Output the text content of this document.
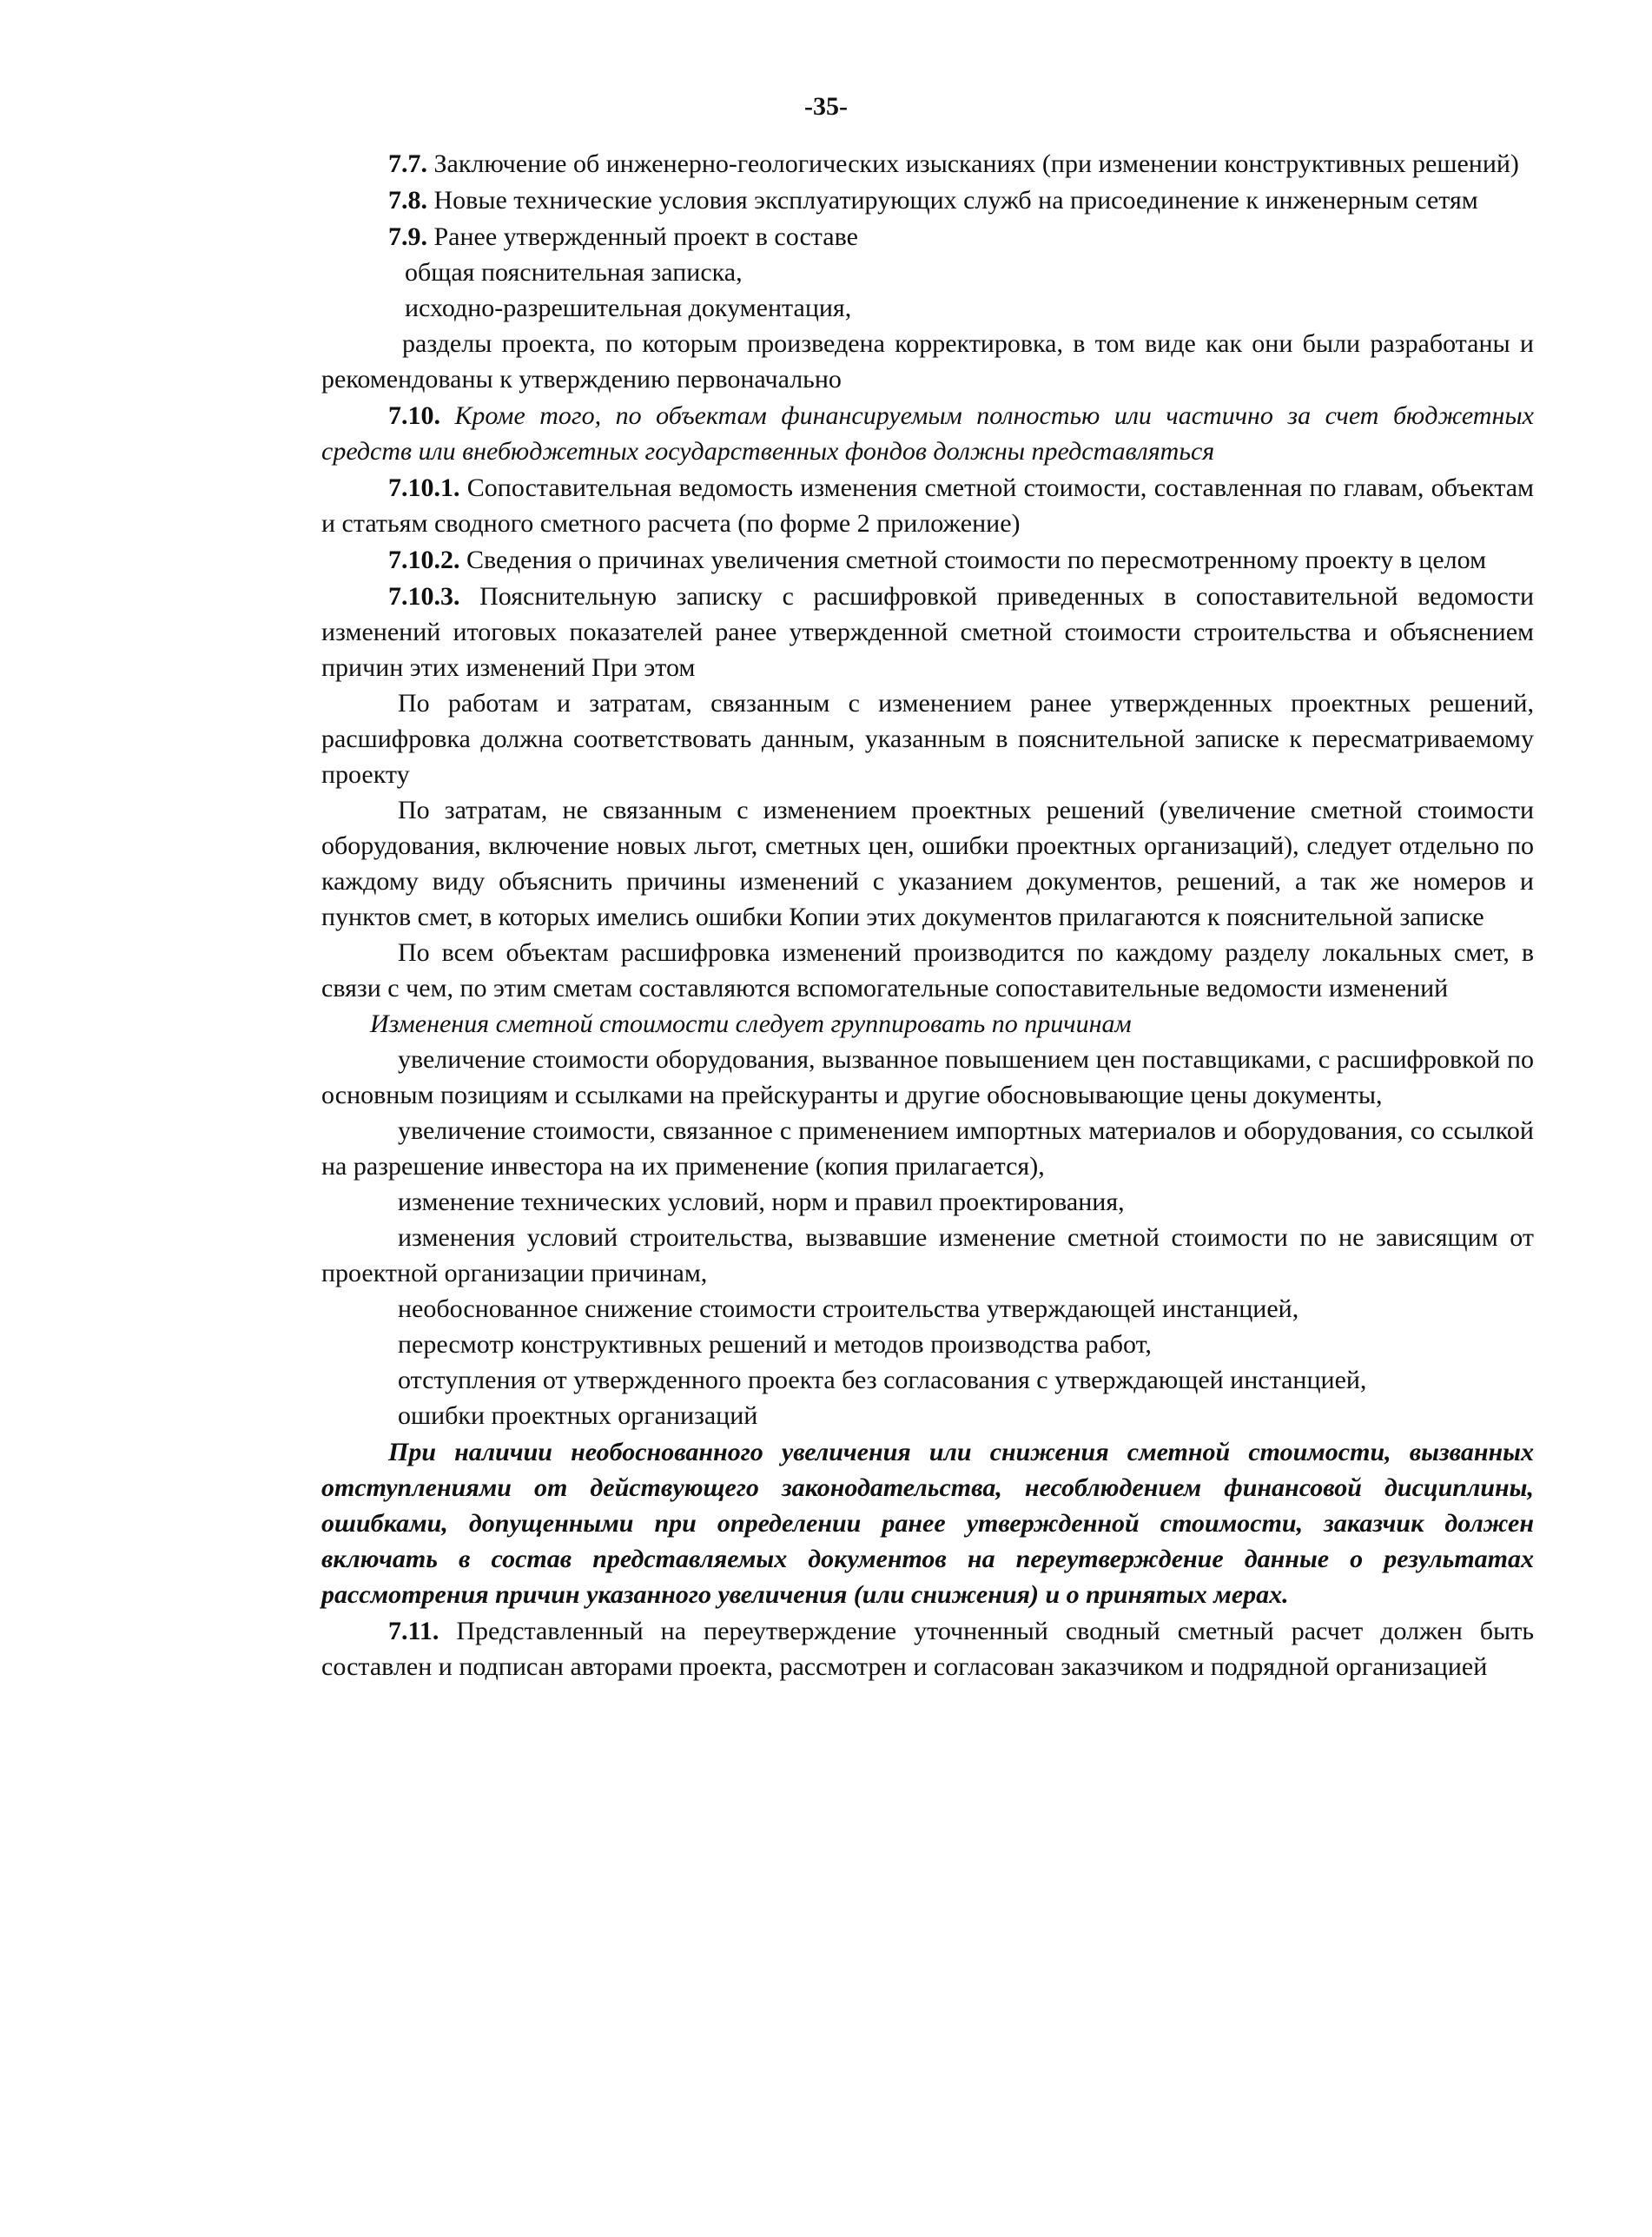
-35-

7.7. Заключение об инженерно-геологических изысканиях (при изменении конструктивных решений)

7.8. Новые технические условия эксплуатирующих служб на присоединение к инженерным сетям

7.9. Ранее утвержденный проект в составе

общая пояснительная записка,

исходно-разрешительная документация,

разделы проекта, по которым произведена корректировка, в том виде как они были разработаны и рекомендованы к утверждению первоначально

7.10. Кроме того, по объектам финансируемым полностью или частично за счет бюджетных средств или внебюджетных государственных фондов должны представляться

7.10.1. Сопоставительная ведомость изменения сметной стоимости, составленная по главам, объектам и статьям сводного сметного расчета (по форме 2 приложение)

7.10.2. Сведения о причинах увеличения сметной стоимости по пересмотренному проекту в целом

7.10.3. Пояснительную записку с расшифровкой приведенных в сопоставительной ведомости изменений итоговых показателей ранее утвержденной сметной стоимости строительства и объяснением причин этих изменений При этом

По работам и затратам, связанным с изменением ранее утвержденных проектных решений, расшифровка должна соответствовать данным, указанным в пояснительной записке к пересматриваемому проекту

По затратам, не связанным с изменением проектных решений (увеличение сметной стоимости оборудования, включение новых льгот, сметных цен, ошибки проектных организаций), следует отдельно по каждому виду объяснить причины изменений с указанием документов, решений, а так же номеров и пунктов смет, в которых имелись ошибки Копии этих документов прилагаются к пояснительной записке

По всем объектам расшифровка изменений производится по каждому разделу локальных смет, в связи с чем, по этим сметам составляются вспомогательные сопоставительные ведомости изменений

Изменения сметной стоимости следует группировать по причинам

увеличение стоимости оборудования, вызванное повышением цен поставщиками, с расшифровкой по основным позициям и ссылками на прейскуранты и другие обосновывающие цены документы,

увеличение стоимости, связанное с применением импортных материалов и оборудования, со ссылкой на разрешение инвестора на их применение (копия прилагается),

изменение технических условий, норм и правил проектирования,

изменения условий строительства, вызвавшие изменение сметной стоимости по не зависящим от проектной организации причинам,

необоснованное снижение стоимости строительства утверждающей инстанцией,

пересмотр конструктивных решений и методов производства работ,

отступления от утвержденного проекта без согласования с утверждающей инстанцией,

ошибки проектных организаций

При наличии необоснованного увеличения или снижения сметной стоимости, вызванных отступлениями от действующего законодательства, несоблюдением финансовой дисциплины, ошибками, допущенными при определении ранее утвержденной стоимости, заказчик должен включать в состав представляемых документов на переутверждение данные о результатах рассмотрения причин указанного увеличения (или снижения) и о принятых мерах.

7.11. Представленный на переутверждение уточненный сводный сметный расчет должен быть составлен и подписан авторами проекта, рассмотрен и согласован заказчиком и подрядной организацией
